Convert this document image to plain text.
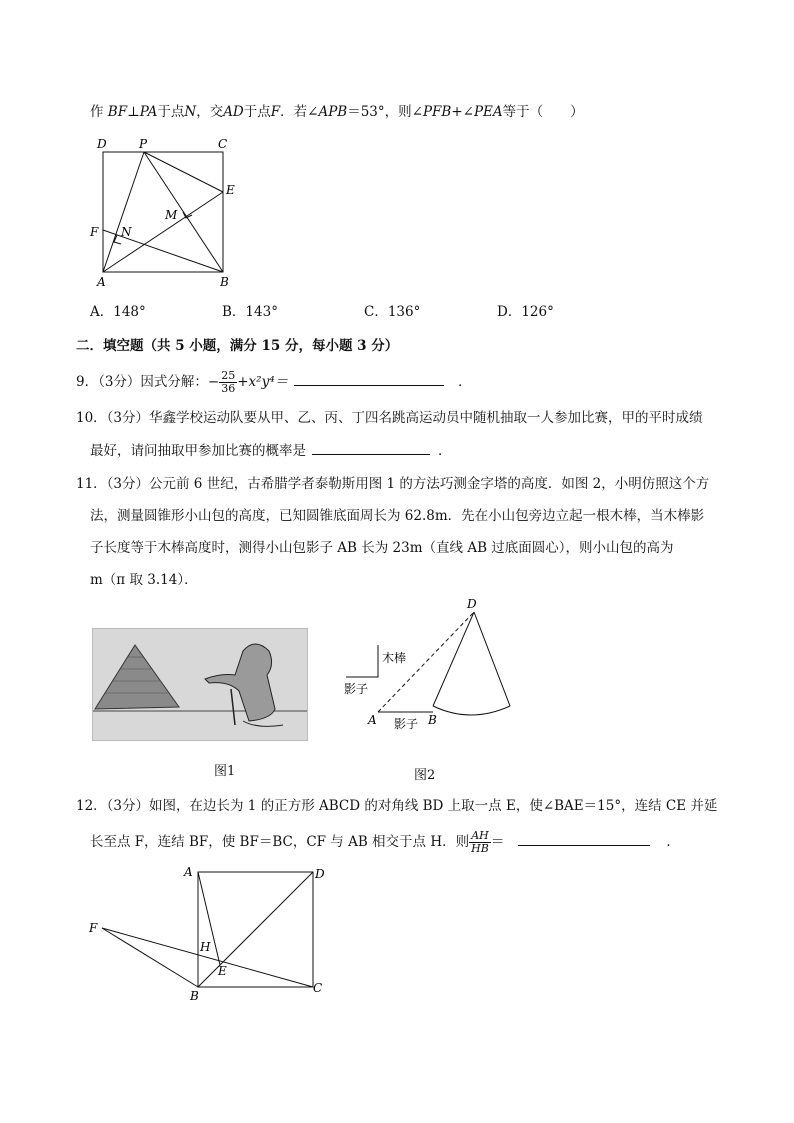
作 BF⊥PA于点N，交AD于点F．若∠APB＝53°，则∠PFB+∠PEA等于（　　）
D	P	C
E
M
F N
A	B
A．148°	B．143°	C．136°	D．126°
二．填空题（共 5 小题，满分 15 分，每小题 3 分）
9．（3分）因式分解：− $\frac{25}{36} +x^2y^4=$	．
10．（3分）华鑫学校运动队要从甲、乙、丙、丁四名跳高运动员中随机抽取一人参加比赛，甲的平时成绩
最好，请问抽取甲参加比赛的概率是	．
11．（3分）公元前 6 世纪，古希腊学者泰勒斯用图 1 的方法巧测金字塔的高度．如图 2，小明仿照这个方
法，测量圆锥形小山包的高度，已知圆锥底面周长为 62.8m．先在小山包旁边立起一根木棒，当木棒影
子长度等于木棒高度时，测得小山包影子 AB 长为 23m（直线 AB 过底面圆心），则小山包的高为
m（π 取 3.14）．
图1
D
木棒
影子
A 影子 B
图2
12．（3分）如图，在边长为 1 的正方形 ABCD 的对角线 BD 上取一点 E，使∠BAE＝15°，连结 CE 并延
长至点 F，连结 BF，使 BF＝BC，CF 与 AB 相交于点 H．则 $\frac{AH}{HB}$ ＝	．
A	D
F
H
E
B
C
